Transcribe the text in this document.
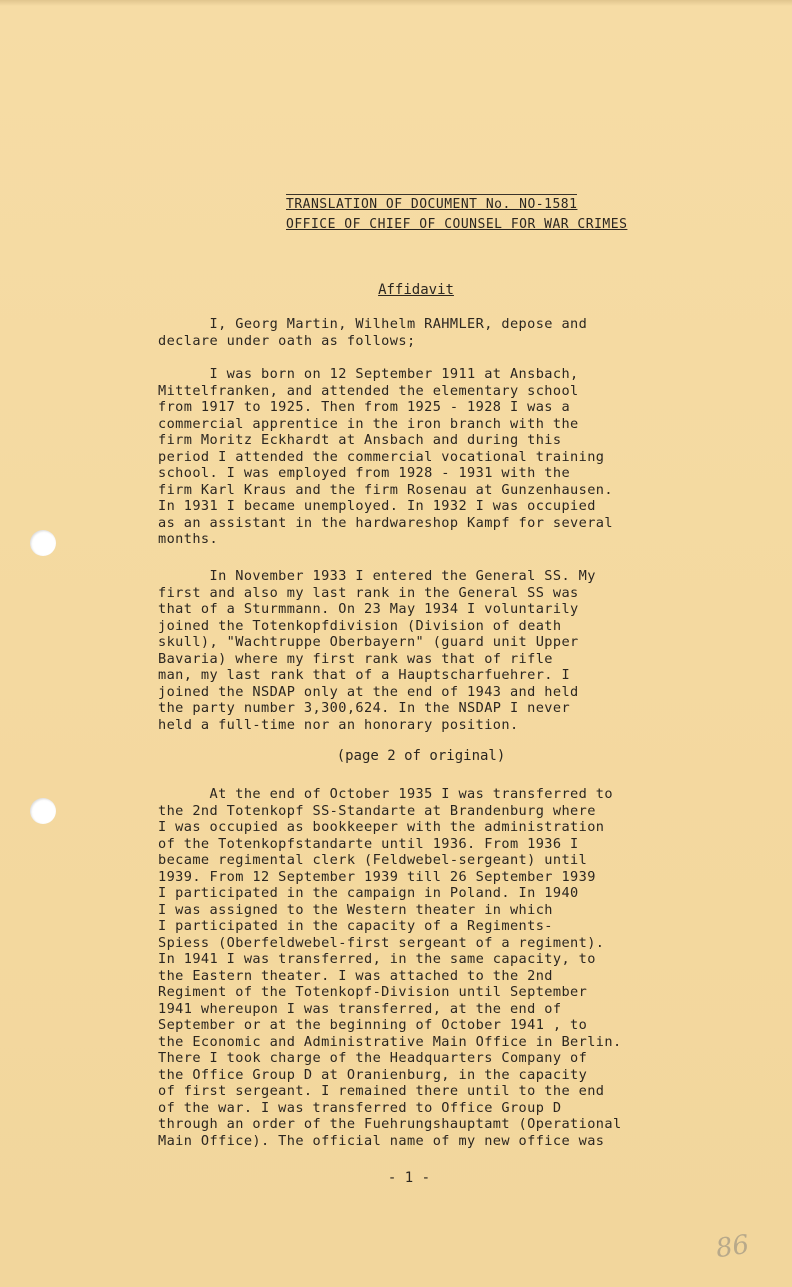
TRANSLATION OF DOCUMENT No. NO-1581
OFFICE OF CHIEF OF COUNSEL FOR WAR CRIMES
Affidavit
I, Georg Martin, Wilhelm RAHMLER, depose and
declare under oath as follows;
I was born on 12 September 1911 at Ansbach,
Mittelfranken, and attended the elementary school
from 1917 to 1925. Then from 1925 - 1928 I was a
commercial apprentice in the iron branch with the
firm Moritz Eckhardt at Ansbach and during this
period I attended the commercial vocational training
school. I was employed from 1928 - 1931 with the
firm Karl Kraus and the firm Rosenau at Gunzenhausen.
In 1931 I became unemployed. In 1932 I was occupied
as an assistant in the hardwareshop Kampf for several
months.
In November 1933 I entered the General SS. My
first and also my last rank in the General SS was
that of a Sturmmann. On 23 May 1934 I voluntarily
joined the Totenkopfdivision (Division of death
skull), "Wachtruppe Oberbayern" (guard unit Upper
Bavaria) where my first rank was that of rifle
man, my last rank that of a Hauptscharfuehrer. I
joined the NSDAP only at the end of 1943 and held
the party number 3,300,624. In the NSDAP I never
held a full-time nor an honorary position.
(page 2 of original)
At the end of October 1935 I was transferred to
the 2nd Totenkopf SS-Standarte at Brandenburg where
I was occupied as bookkeeper with the administration
of the Totenkopfstandarte until 1936. From 1936 I
became regimental clerk (Feldwebel-sergeant) until
1939. From 12 September 1939 till 26 September 1939
I participated in the campaign in Poland. In 1940
I was assigned to the Western theater in which
I participated in the capacity of a Regiments-
Spiess (Oberfeldwebel-first sergeant of a regiment).
In 1941 I was transferred, in the same capacity, to
the Eastern theater. I was attached to the 2nd
Regiment of the Totenkopf-Division until September
1941 whereupon I was transferred, at the end of
September or at the beginning of October 1941 , to
the Economic and Administrative Main Office in Berlin.
There I took charge of the Headquarters Company of
the Office Group D at Oranienburg, in the capacity
of first sergeant. I remained there until to the end
of the war. I was transferred to Office Group D
through an order of the Fuehrungshauptamt (Operational
Main Office). The official name of my new office was
- 1 -
86
